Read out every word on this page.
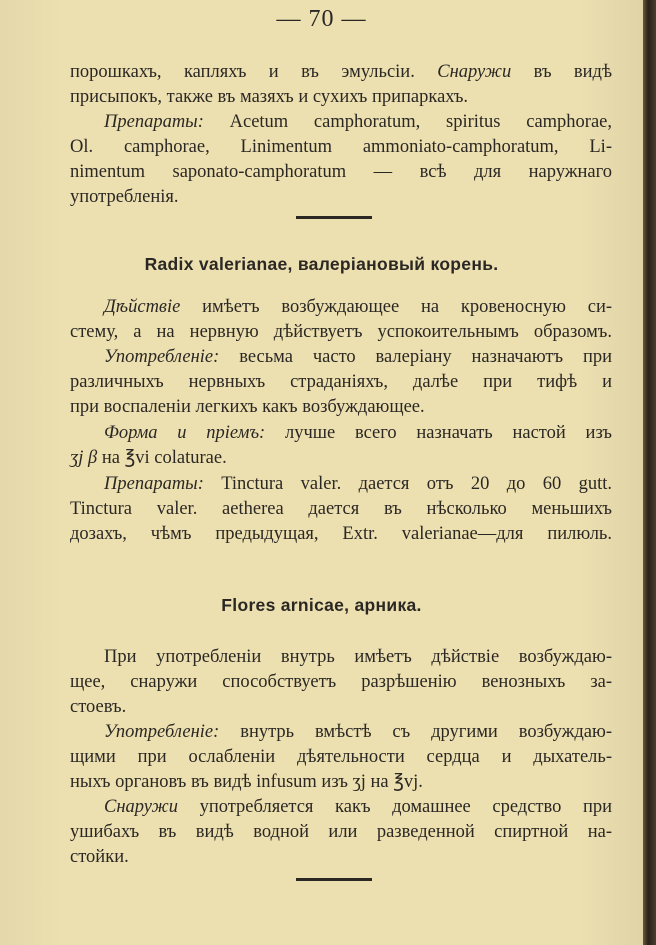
— 70 —
порошкахъ, капляхъ и въ эмульсiи. Снаружи въ видѣ
присыпокъ, также въ мазяхъ и сухихъ припаркахъ.
Препараты: Acetum camphoratum, spiritus camphorae,
Ol. camphorae, Linimentum ammoniato-camphoratum, Li-
nimentum saponato-camphoratum — всѣ для наружнаго
употребленія.
Radix valerianae, валеріановый корень.
Дѣйствіе имѣетъ возбуждающее на кровеносную си-
стему, а на нервную дѣйствуетъ успокоительнымъ образомъ.
Употребленіе: весьма часто валеріану назначаютъ при
различныхъ нервныхъ страданіяхъ, далѣе при тифѣ и
при воспаленіи легкихъ какъ возбуждающее.
Форма и пріемъ: лучше всего назначать настой изъ
ʒj β на ℥vi colaturae.
Препараты: Tinctura valer. дается отъ 20 до 60 gutt.
Tinctura valer. aetherea дается въ нѣсколько меньшихъ
дозахъ, чѣмъ предыдущая, Extr. valerianae—для пилюль.
Flores arnicae, арника.
При употребленіи внутрь имѣетъ дѣйствіе возбуждаю-
щее, снаружи способствуетъ разрѣшенію венозныхъ за-
стоевъ.
Употребленіе: внутрь вмѣстѣ съ другими возбуждаю-
щими при ослабленіи дѣятельности сердца и дыхатель-
ныхъ органовъ въ видѣ infusum изъ ʒj на ℥vj.
Снаружи употребляется какъ домашнее средство при
ушибахъ въ видѣ водной или разведенной спиртной на-
стойки.
